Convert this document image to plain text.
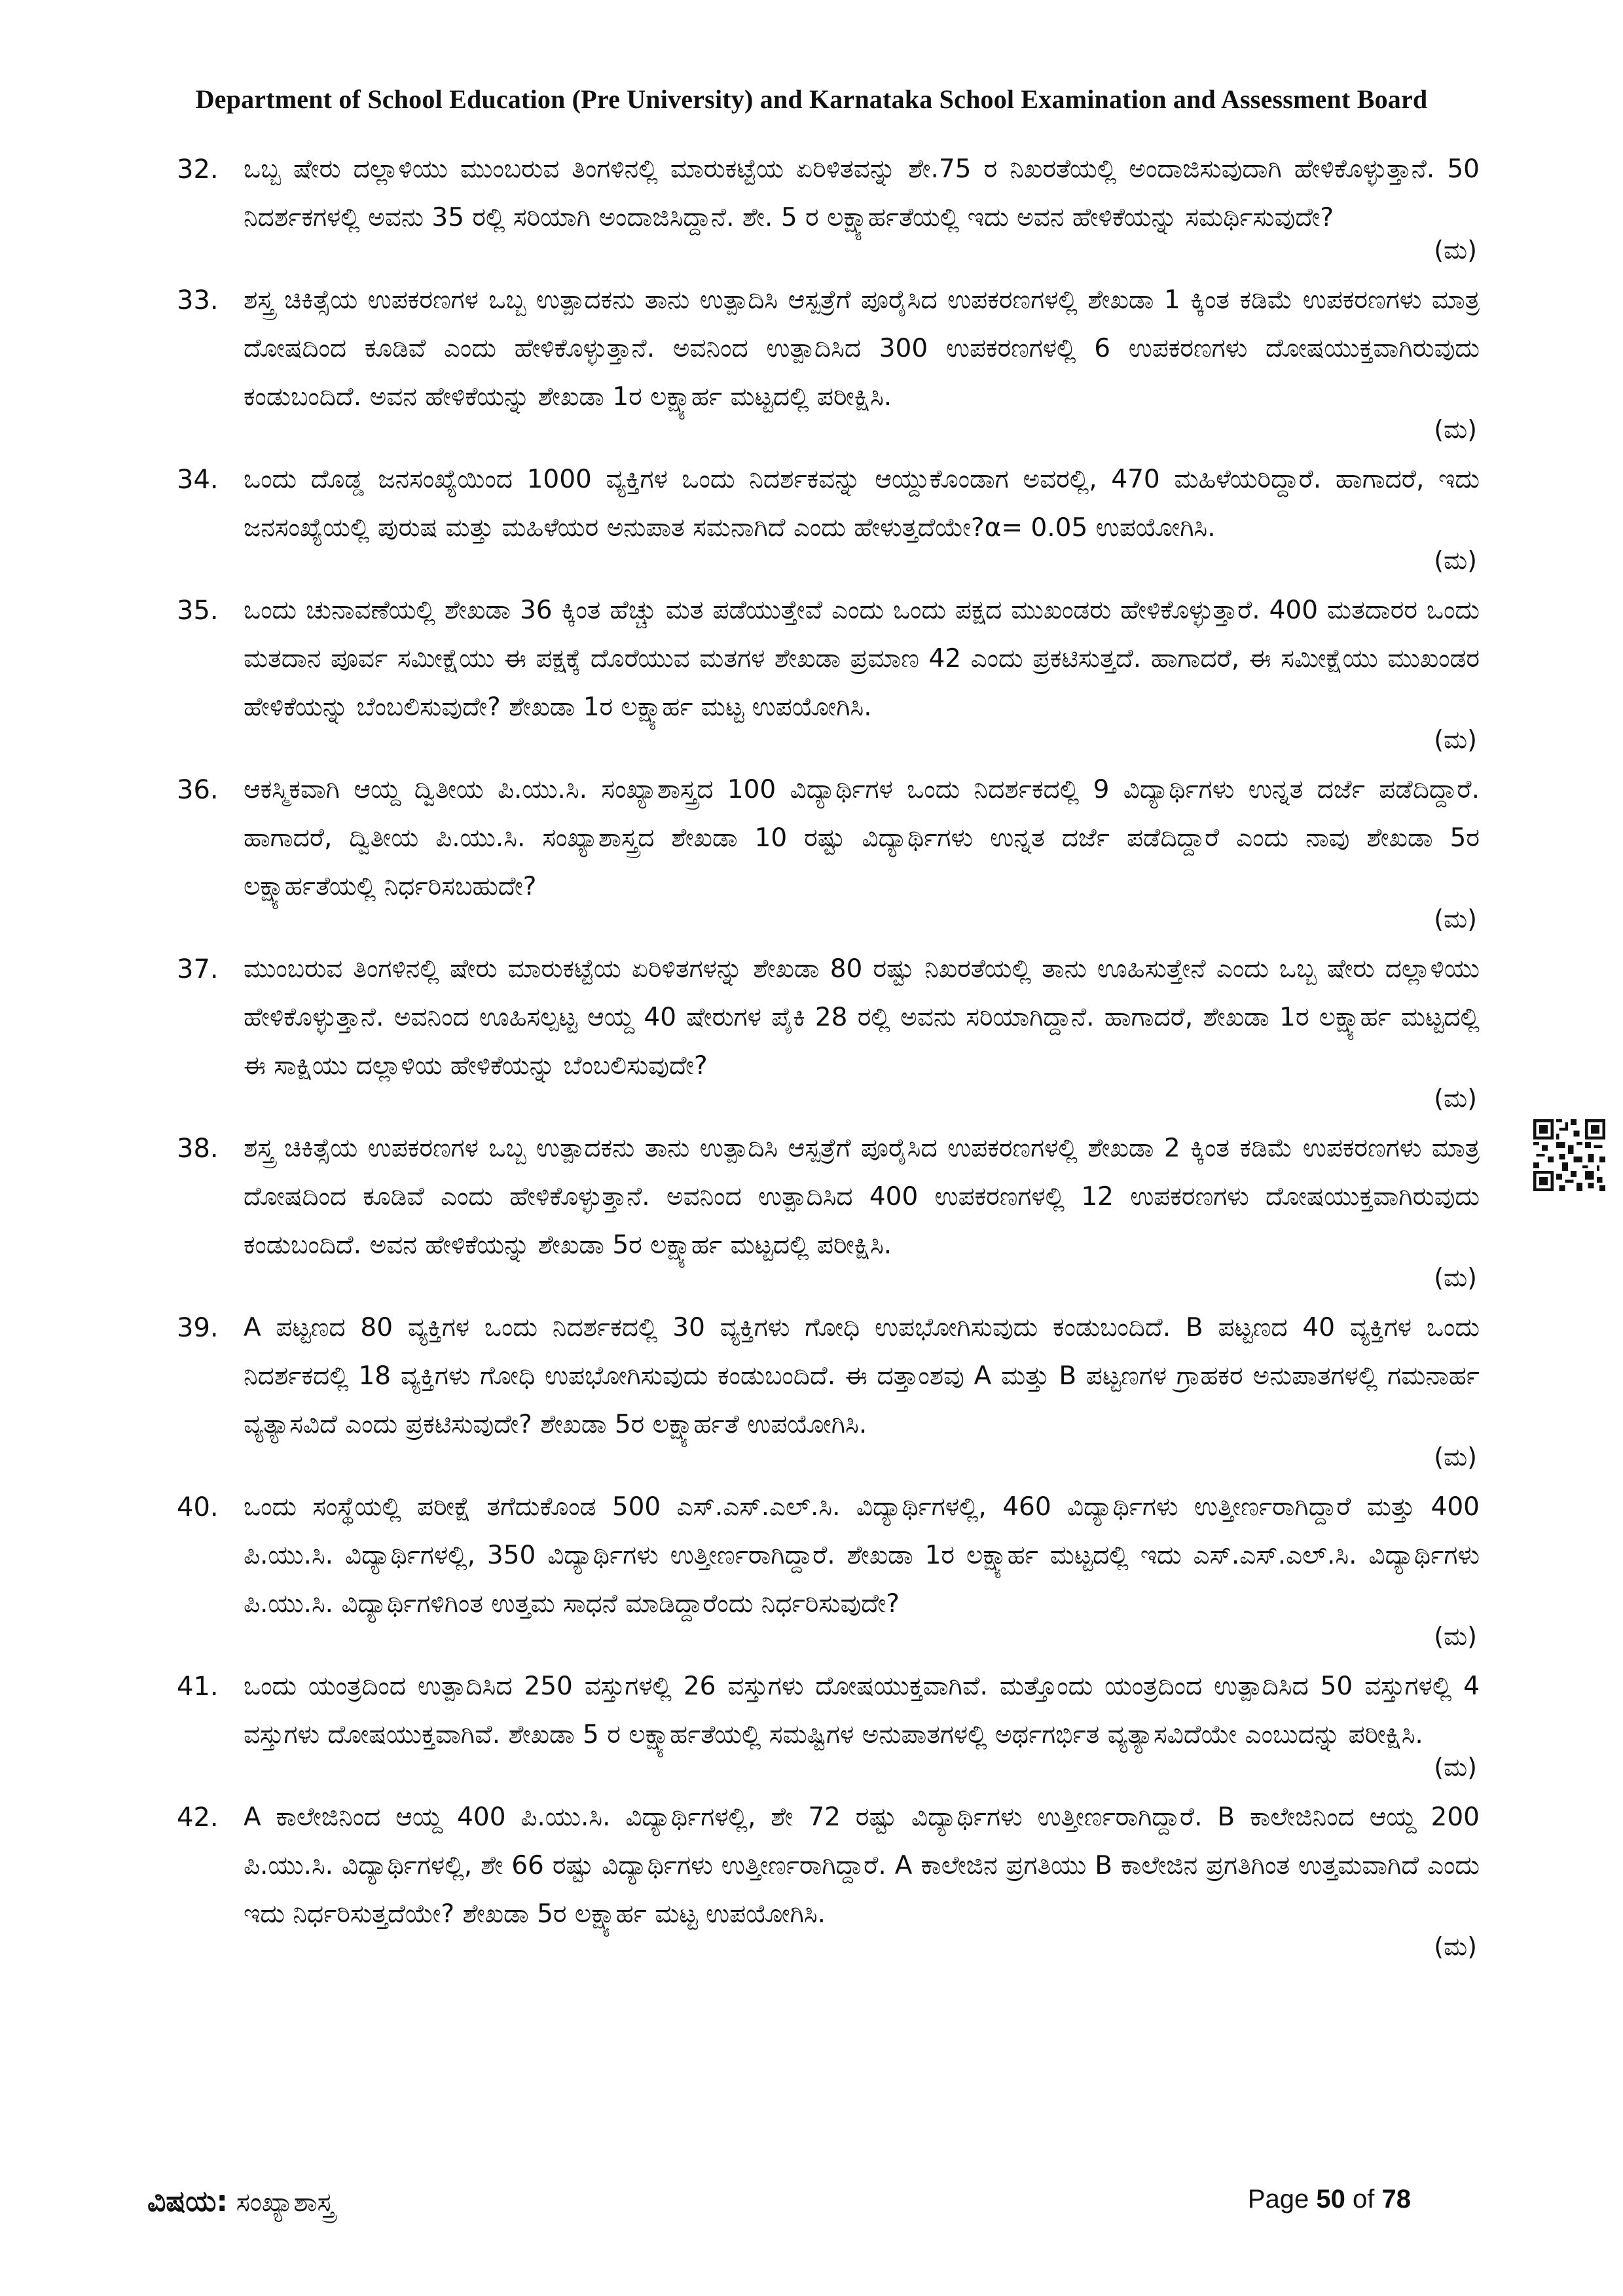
Department of School Education (Pre University) and Karnataka School Examination and Assessment Board
32. ಒಬ್ಬ ಷೇರು ದಲ್ಲಾಳಿಯು ಮುಂಬರುವ ತಿಂಗಳಿನಲ್ಲಿ ಮಾರುಕಟ್ಟೆಯ ಏರಿಳಿತವನ್ನು ಶೇ.75 ರ ನಿಖರತೆಯಲ್ಲಿ ಅಂದಾಜಿಸುವುದಾಗಿ ಹೇಳಿಕೊಳ್ಳುತ್ತಾನೆ. 50 ನಿದರ್ಶಕಗಳಲ್ಲಿ ಅವನು 35 ರಲ್ಲಿ ಸರಿಯಾಗಿ ಅಂದಾಜಿಸಿದ್ದಾನೆ. ಶೇ. 5 ರ ಲಕ್ಷ್ಯಾರ್ಹತೆಯಲ್ಲಿ ಇದು ಅವನ ಹೇಳಿಕೆಯನ್ನು ಸಮರ್ಥಿಸುವುದೇ?
(ಮ)
33. ಶಸ್ತ್ರ ಚಿಕಿತ್ಸೆಯ ಉಪಕರಣಗಳ ಒಬ್ಬ ಉತ್ಪಾದಕನು ತಾನು ಉತ್ಪಾದಿಸಿ ಆಸ್ಪತ್ರೆಗೆ ಪೂರೈಸಿದ ಉಪಕರಣಗಳಲ್ಲಿ ಶೇಖಡಾ 1 ಕ್ಕಿಂತ ಕಡಿಮೆ ಉಪಕರಣಗಳು ಮಾತ್ರ ದೋಷದಿಂದ ಕೂಡಿವೆ ಎಂದು ಹೇಳಿಕೊಳ್ಳುತ್ತಾನೆ. ಅವನಿಂದ ಉತ್ಪಾದಿಸಿದ 300 ಉಪಕರಣಗಳಲ್ಲಿ 6 ಉಪಕರಣಗಳು ದೋಷಯುಕ್ತವಾಗಿರುವುದು ಕಂಡುಬಂದಿದೆ. ಅವನ ಹೇಳಿಕೆಯನ್ನು ಶೇಖಡಾ 1ರ ಲಕ್ಷ್ಯಾರ್ಹ ಮಟ್ಟದಲ್ಲಿ ಪರೀಕ್ಷಿಸಿ.
(ಮ)
34. ಒಂದು ದೊಡ್ಡ ಜನಸಂಖ್ಯೆಯಿಂದ 1000 ವ್ಯಕ್ತಿಗಳ ಒಂದು ನಿದರ್ಶಕವನ್ನು ಆಯ್ದುಕೊಂಡಾಗ ಅವರಲ್ಲಿ, 470 ಮಹಿಳೆಯರಿದ್ದಾರೆ. ಹಾಗಾದರೆ, ಇದು ಜನಸಂಖ್ಯೆಯಲ್ಲಿ ಪುರುಷ ಮತ್ತು ಮಹಿಳೆಯರ ಅನುಪಾತ ಸಮನಾಗಿದೆ ಎಂದು ಹೇಳುತ್ತದೆಯೇ?α= 0.05 ಉಪಯೋಗಿಸಿ.
(ಮ)
35. ಒಂದು ಚುನಾವಣೆಯಲ್ಲಿ ಶೇಖಡಾ 36 ಕ್ಕಿಂತ ಹೆಚ್ಚು ಮತ ಪಡೆಯುತ್ತೇವೆ ಎಂದು ಒಂದು ಪಕ್ಷದ ಮುಖಂಡರು ಹೇಳಿಕೊಳ್ಳುತ್ತಾರೆ. 400 ಮತದಾರರ ಒಂದು ಮತದಾನ ಪೂರ್ವ ಸಮೀಕ್ಷೆಯು ಈ ಪಕ್ಷಕ್ಕೆ ದೊರೆಯುವ ಮತಗಳ ಶೇಖಡಾ ಪ್ರಮಾಣ 42 ಎಂದು ಪ್ರಕಟಿಸುತ್ತದೆ. ಹಾಗಾದರೆ, ಈ ಸಮೀಕ್ಷೆಯು ಮುಖಂಡರ ಹೇಳಿಕೆಯನ್ನು ಬೆಂಬಲಿಸುವುದೇ? ಶೇಖಡಾ 1ರ ಲಕ್ಷ್ಯಾರ್ಹ ಮಟ್ಟ ಉಪಯೋಗಿಸಿ.
(ಮ)
36. ಆಕಸ್ಮಿಕವಾಗಿ ಆಯ್ದ ದ್ವಿತೀಯ ಪಿ.ಯು.ಸಿ. ಸಂಖ್ಯಾಶಾಸ್ತ್ರದ 100 ವಿದ್ಯಾರ್ಥಿಗಳ ಒಂದು ನಿದರ್ಶಕದಲ್ಲಿ 9 ವಿದ್ಯಾರ್ಥಿಗಳು ಉನ್ನತ ದರ್ಜೆ ಪಡೆದಿದ್ದಾರೆ. ಹಾಗಾದರೆ, ದ್ವಿತೀಯ ಪಿ.ಯು.ಸಿ. ಸಂಖ್ಯಾಶಾಸ್ತ್ರದ ಶೇಖಡಾ 10 ರಷ್ಟು ವಿದ್ಯಾರ್ಥಿಗಳು ಉನ್ನತ ದರ್ಜೆ ಪಡೆದಿದ್ದಾರೆ ಎಂದು ನಾವು ಶೇಖಡಾ 5ರ ಲಕ್ಷ್ಯಾರ್ಹತೆಯಲ್ಲಿ ನಿರ್ಧರಿಸಬಹುದೇ?
(ಮ)
37. ಮುಂಬರುವ ತಿಂಗಳಿನಲ್ಲಿ ಷೇರು ಮಾರುಕಟ್ಟೆಯ ಏರಿಳಿತಗಳನ್ನು ಶೇಖಡಾ 80 ರಷ್ಟು ನಿಖರತೆಯಲ್ಲಿ ತಾನು ಊಹಿಸುತ್ತೇನೆ ಎಂದು ಒಬ್ಬ ಷೇರು ದಲ್ಲಾಳಿಯು ಹೇಳಿಕೊಳ್ಳುತ್ತಾನೆ. ಅವನಿಂದ ಊಹಿಸಲ್ಪಟ್ಟ ಆಯ್ದ 40 ಷೇರುಗಳ ಪೈಕಿ 28 ರಲ್ಲಿ ಅವನು ಸರಿಯಾಗಿದ್ದಾನೆ. ಹಾಗಾದರೆ, ಶೇಖಡಾ 1ರ ಲಕ್ಷ್ಯಾರ್ಹ ಮಟ್ಟದಲ್ಲಿ ಈ ಸಾಕ್ಷಿಯು ದಲ್ಲಾಳಿಯ ಹೇಳಿಕೆಯನ್ನು ಬೆಂಬಲಿಸುವುದೇ?
(ಮ)
38. ಶಸ್ತ್ರ ಚಿಕಿತ್ಸೆಯ ಉಪಕರಣಗಳ ಒಬ್ಬ ಉತ್ಪಾದಕನು ತಾನು ಉತ್ಪಾದಿಸಿ ಆಸ್ಪತ್ರೆಗೆ ಪೂರೈಸಿದ ಉಪಕರಣಗಳಲ್ಲಿ ಶೇಖಡಾ 2 ಕ್ಕಿಂತ ಕಡಿಮೆ ಉಪಕರಣಗಳು ಮಾತ್ರ ದೋಷದಿಂದ ಕೂಡಿವೆ ಎಂದು ಹೇಳಿಕೊಳ್ಳುತ್ತಾನೆ. ಅವನಿಂದ ಉತ್ಪಾದಿಸಿದ 400 ಉಪಕರಣಗಳಲ್ಲಿ 12 ಉಪಕರಣಗಳು ದೋಷಯುಕ್ತವಾಗಿರುವುದು ಕಂಡುಬಂದಿದೆ. ಅವನ ಹೇಳಿಕೆಯನ್ನು ಶೇಖಡಾ 5ರ ಲಕ್ಷ್ಯಾರ್ಹ ಮಟ್ಟದಲ್ಲಿ ಪರೀಕ್ಷಿಸಿ.
(ಮ)
39. A ಪಟ್ಟಣದ 80 ವ್ಯಕ್ತಿಗಳ ಒಂದು ನಿದರ್ಶಕದಲ್ಲಿ 30 ವ್ಯಕ್ತಿಗಳು ಗೋಧಿ ಉಪಭೋಗಿಸುವುದು ಕಂಡುಬಂದಿದೆ. B ಪಟ್ಟಣದ 40 ವ್ಯಕ್ತಿಗಳ ಒಂದು ನಿದರ್ಶಕದಲ್ಲಿ 18 ವ್ಯಕ್ತಿಗಳು ಗೋಧಿ ಉಪಭೋಗಿಸುವುದು ಕಂಡುಬಂದಿದೆ. ಈ ದತ್ತಾಂಶವು A ಮತ್ತು B ಪಟ್ಟಣಗಳ ಗ್ರಾಹಕರ ಅನುಪಾತಗಳಲ್ಲಿ ಗಮನಾರ್ಹ ವ್ಯತ್ಯಾಸವಿದೆ ಎಂದು ಪ್ರಕಟಿಸುವುದೇ? ಶೇಖಡಾ 5ರ ಲಕ್ಷ್ಯಾರ್ಹತೆ ಉಪಯೋಗಿಸಿ.
(ಮ)
40. ಒಂದು ಸಂಸ್ಥೆಯಲ್ಲಿ ಪರೀಕ್ಷೆ ತಗೆದುಕೊಂಡ 500 ಎಸ್.ಎಸ್.ಎಲ್.ಸಿ. ವಿದ್ಯಾರ್ಥಿಗಳಲ್ಲಿ, 460 ವಿದ್ಯಾರ್ಥಿಗಳು ಉತ್ತೀರ್ಣರಾಗಿದ್ದಾರೆ ಮತ್ತು 400 ಪಿ.ಯು.ಸಿ. ವಿದ್ಯಾರ್ಥಿಗಳಲ್ಲಿ, 350 ವಿದ್ಯಾರ್ಥಿಗಳು ಉತ್ತೀರ್ಣರಾಗಿದ್ದಾರೆ. ಶೇಖಡಾ 1ರ ಲಕ್ಷ್ಯಾರ್ಹ ಮಟ್ಟದಲ್ಲಿ ಇದು ಎಸ್.ಎಸ್.ಎಲ್.ಸಿ. ವಿದ್ಯಾರ್ಥಿಗಳು ಪಿ.ಯು.ಸಿ. ವಿದ್ಯಾರ್ಥಿಗಳಿಗಿಂತ ಉತ್ತಮ ಸಾಧನೆ ಮಾಡಿದ್ದಾರೆಂದು ನಿರ್ಧರಿಸುವುದೇ?
(ಮ)
41. ಒಂದು ಯಂತ್ರದಿಂದ ಉತ್ಪಾದಿಸಿದ 250 ವಸ್ತುಗಳಲ್ಲಿ 26 ವಸ್ತುಗಳು ದೋಷಯುಕ್ತವಾಗಿವೆ. ಮತ್ತೊಂದು ಯಂತ್ರದಿಂದ ಉತ್ಪಾದಿಸಿದ 50 ವಸ್ತುಗಳಲ್ಲಿ 4 ವಸ್ತುಗಳು ದೋಷಯುಕ್ತವಾಗಿವೆ. ಶೇಖಡಾ 5 ರ ಲಕ್ಷ್ಯಾರ್ಹತೆಯಲ್ಲಿ ಸಮಷ್ಟಿಗಳ ಅನುಪಾತಗಳಲ್ಲಿ ಅರ್ಥಗರ್ಭಿತ ವ್ಯತ್ಯಾಸವಿದೆಯೇ ಎಂಬುದನ್ನು ಪರೀಕ್ಷಿಸಿ.
(ಮ)
42. A ಕಾಲೇಜಿನಿಂದ ಆಯ್ದ 400 ಪಿ.ಯು.ಸಿ. ವಿದ್ಯಾರ್ಥಿಗಳಲ್ಲಿ, ಶೇ 72 ರಷ್ಟು ವಿದ್ಯಾರ್ಥಿಗಳು ಉತ್ತೀರ್ಣರಾಗಿದ್ದಾರೆ. B ಕಾಲೇಜಿನಿಂದ ಆಯ್ದ 200 ಪಿ.ಯು.ಸಿ. ವಿದ್ಯಾರ್ಥಿಗಳಲ್ಲಿ, ಶೇ 66 ರಷ್ಟು ವಿದ್ಯಾರ್ಥಿಗಳು ಉತ್ತೀರ್ಣರಾಗಿದ್ದಾರೆ. A ಕಾಲೇಜಿನ ಪ್ರಗತಿಯು B ಕಾಲೇಜಿನ ಪ್ರಗತಿಗಿಂತ ಉತ್ತಮವಾಗಿದೆ ಎಂದು ಇದು ನಿರ್ಧರಿಸುತ್ತದೆಯೇ? ಶೇಖಡಾ 5ರ ಲಕ್ಷ್ಯಾರ್ಹ ಮಟ್ಟ ಉಪಯೋಗಿಸಿ.
(ಮ)
ವಿಷಯ: ಸಂಖ್ಯಾಶಾಸ್ತ್ರ	Page 50 of 78
